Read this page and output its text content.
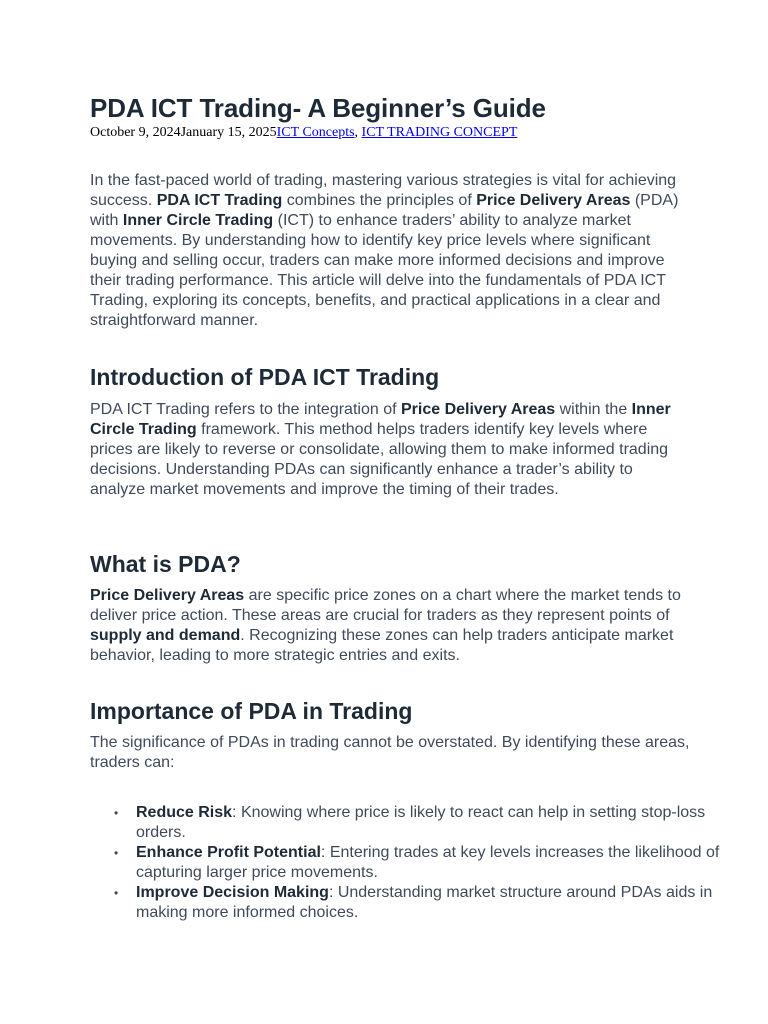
PDA ICT Trading- A Beginner’s Guide
October 9, 2024January 15, 2025ICT Concepts, ICT TRADING CONCEPT

In the fast-paced world of trading, mastering various strategies is vital for achieving success. PDA ICT Trading combines the principles of Price Delivery Areas (PDA) with Inner Circle Trading (ICT) to enhance traders’ ability to analyze market movements. By understanding how to identify key price levels where significant buying and selling occur, traders can make more informed decisions and improve their trading performance. This article will delve into the fundamentals of PDA ICT Trading, exploring its concepts, benefits, and practical applications in a clear and straightforward manner.

Introduction of PDA ICT Trading

PDA ICT Trading refers to the integration of Price Delivery Areas within the Inner Circle Trading framework. This method helps traders identify key levels where prices are likely to reverse or consolidate, allowing them to make informed trading decisions. Understanding PDAs can significantly enhance a trader’s ability to analyze market movements and improve the timing of their trades.

What is PDA?

Price Delivery Areas are specific price zones on a chart where the market tends to deliver price action. These areas are crucial for traders as they represent points of supply and demand. Recognizing these zones can help traders anticipate market behavior, leading to more strategic entries and exits.

Importance of PDA in Trading

The significance of PDAs in trading cannot be overstated. By identifying these areas, traders can:

• Reduce Risk: Knowing where price is likely to react can help in setting stop-loss orders.
• Enhance Profit Potential: Entering trades at key levels increases the likelihood of capturing larger price movements.
• Improve Decision Making: Understanding market structure around PDAs aids in making more informed choices.
